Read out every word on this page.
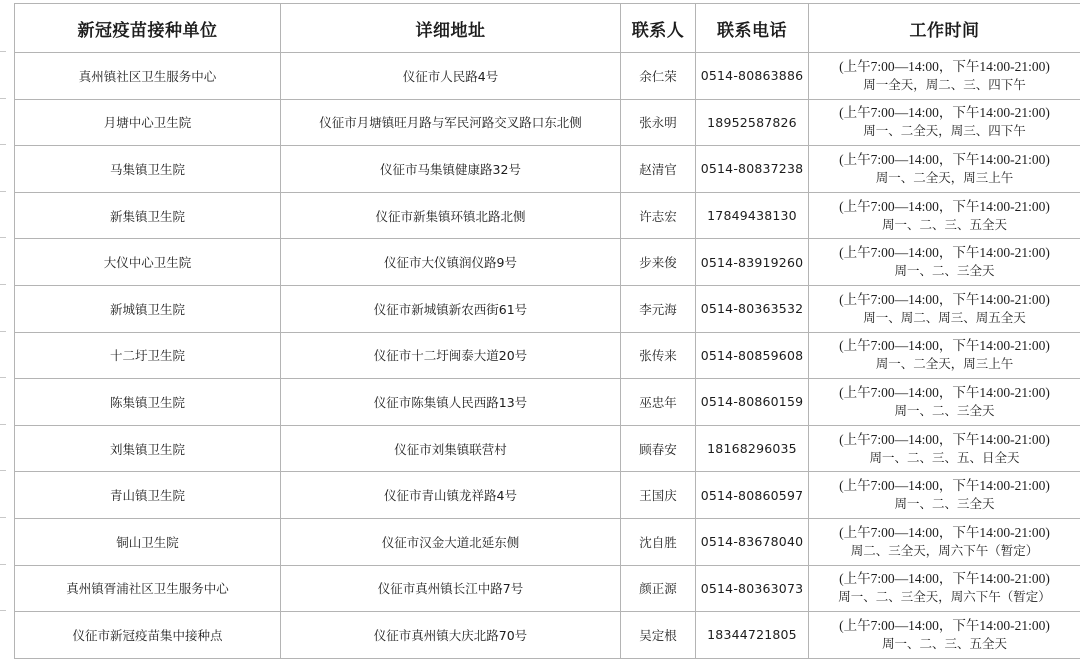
新冠疫苗接种单位	详细地址	联系人	联系电话	工作时间
真州镇社区卫生服务中心	仪征市人民路4号	余仁荣	0514-80863886	(上午7:00—14:00，下午14:00-21:00)
周一全天，周二、三、四下午

月塘中心卫生院	仪征市月塘镇旺月路与军民河路交叉路口东北侧	张永明	18952587826	(上午7:00—14:00，下午14:00-21:00)
周一、二全天，周三、四下午

马集镇卫生院	仪征市马集镇健康路32号	赵清官	0514-80837238	(上午7:00—14:00，下午14:00-21:00)
周一、二全天，周三上午

新集镇卫生院	仪征市新集镇环镇北路北侧	许志宏	17849438130	(上午7:00—14:00，下午14:00-21:00)
周一、二、三、五全天

大仪中心卫生院	仪征市大仪镇润仪路9号	步来俊	0514-83919260	(上午7:00—14:00，下午14:00-21:00)
周一、二、三全天

新城镇卫生院	仪征市新城镇新农西街61号	李元海	0514-80363532	(上午7:00—14:00，下午14:00-21:00)
周一、周二、周三、周五全天

十二圩卫生院	仪征市十二圩闽泰大道20号	张传来	0514-80859608	(上午7:00—14:00，下午14:00-21:00)
周一、二全天，周三上午

陈集镇卫生院	仪征市陈集镇人民西路13号	巫忠年	0514-80860159	(上午7:00—14:00，下午14:00-21:00)
周一、二、三全天

刘集镇卫生院	仪征市刘集镇联营村	顾春安	18168296035	(上午7:00—14:00，下午14:00-21:00)
周一、二、三、五、日全天

青山镇卫生院	仪征市青山镇龙祥路4号	王国庆	0514-80860597	(上午7:00—14:00，下午14:00-21:00)
周一、二、三全天

铜山卫生院	仪征市汉金大道北延东侧	沈自胜	0514-83678040	(上午7:00—14:00，下午14:00-21:00)
周二、三全天，周六下午（暂定）

真州镇胥浦社区卫生服务中心	仪征市真州镇长江中路7号	颜正源	0514-80363073	(上午7:00—14:00，下午14:00-21:00)
周一、二、三全天，周六下午（暂定）

仪征市新冠疫苗集中接种点	仪征市真州镇大庆北路70号	吴定根	18344721805	(上午7:00—14:00，下午14:00-21:00)
周一、二、三、五全天
